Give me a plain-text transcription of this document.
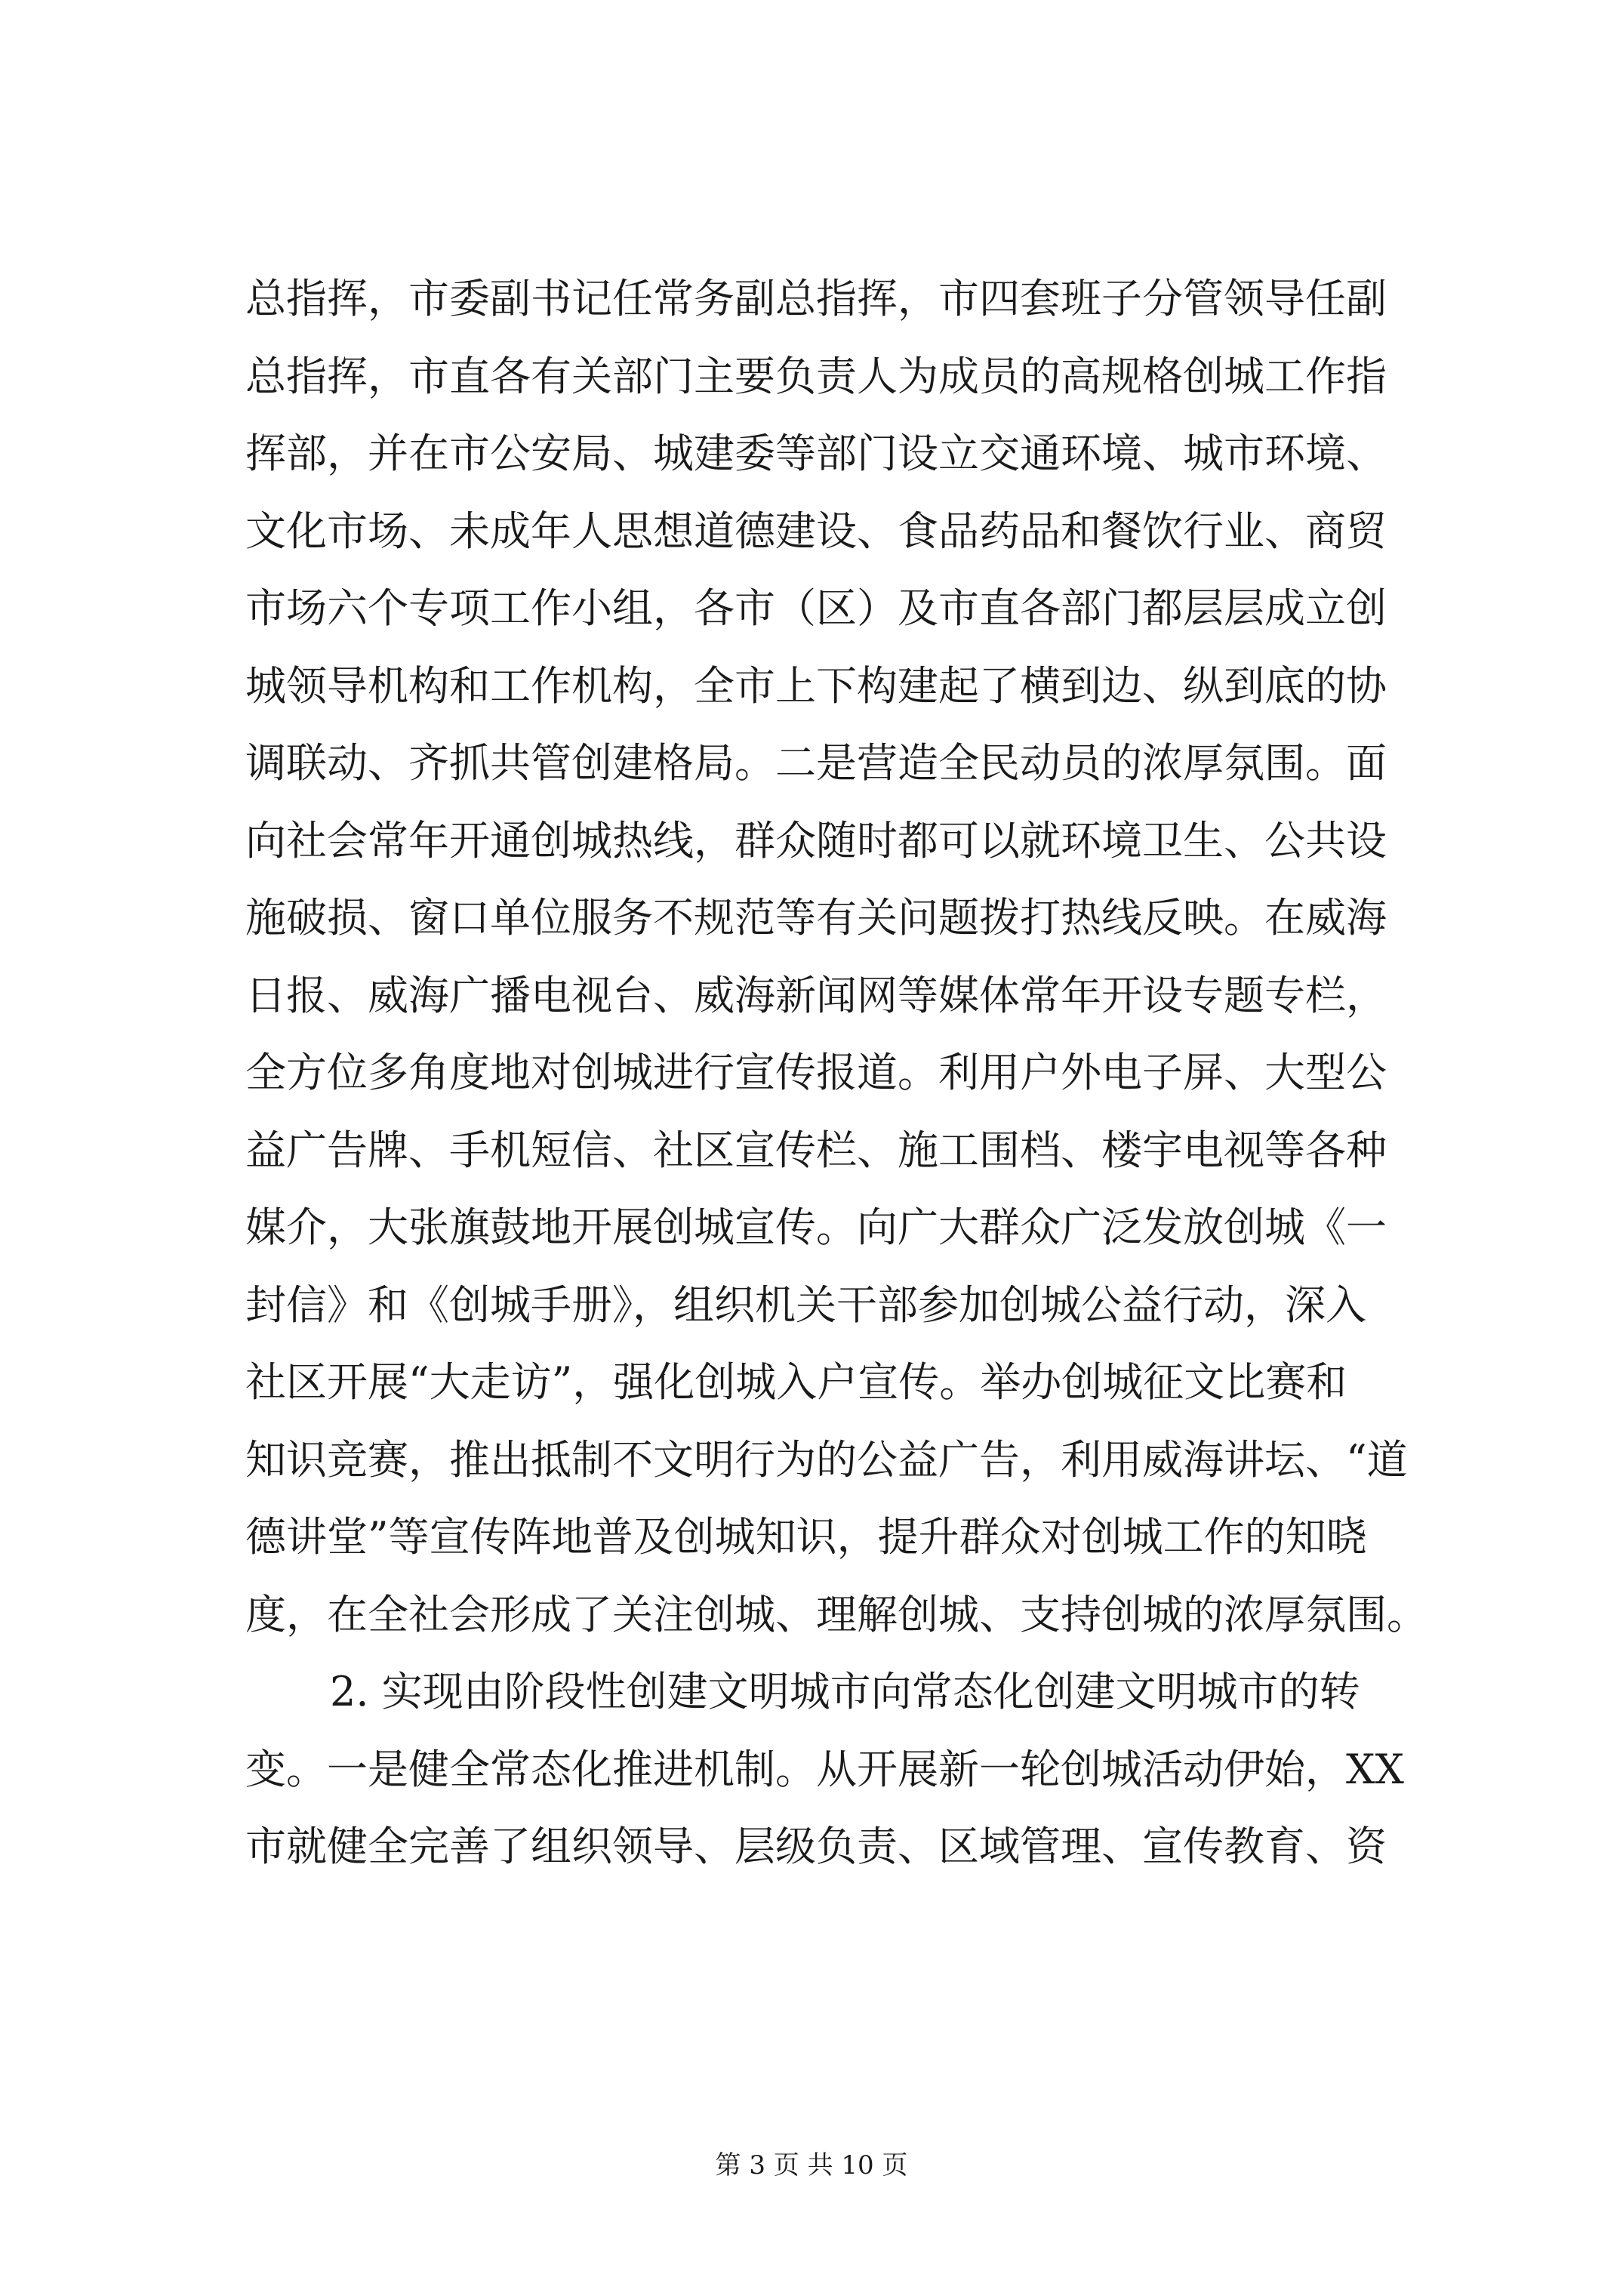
总指挥，市委副书记任常务副总指挥，市四套班子分管领导任副
总指挥，市直各有关部门主要负责人为成员的高规格创城工作指
挥部，并在市公安局、城建委等部门设立交通环境、城市环境、
文化市场、未成年人思想道德建设、食品药品和餐饮行业、商贸
市场六个专项工作小组，各市（区）及市直各部门都层层成立创
城领导机构和工作机构，全市上下构建起了横到边、纵到底的协
调联动、齐抓共管创建格局。二是营造全民动员的浓厚氛围。面
向社会常年开通创城热线，群众随时都可以就环境卫生、公共设
施破损、窗口单位服务不规范等有关问题拨打热线反映。在威海
日报、威海广播电视台、威海新闻网等媒体常年开设专题专栏，
全方位多角度地对创城进行宣传报道。利用户外电子屏、大型公
益广告牌、手机短信、社区宣传栏、施工围档、楼宇电视等各种
媒介，大张旗鼓地开展创城宣传。向广大群众广泛发放创城《一
封信》和《创城手册》，组织机关干部参加创城公益行动，深入
社区开展“大走访”，强化创城入户宣传。举办创城征文比赛和
知识竞赛，推出抵制不文明行为的公益广告，利用威海讲坛、“道
德讲堂”等宣传阵地普及创城知识，提升群众对创城工作的知晓
度，在全社会形成了关注创城、理解创城、支持创城的浓厚氛围。
2. 实现由阶段性创建文明城市向常态化创建文明城市的转
变。一是健全常态化推进机制。从开展新一轮创城活动伊始，XX
市就健全完善了组织领导、层级负责、区域管理、宣传教育、资
第 3 页 共 10 页
